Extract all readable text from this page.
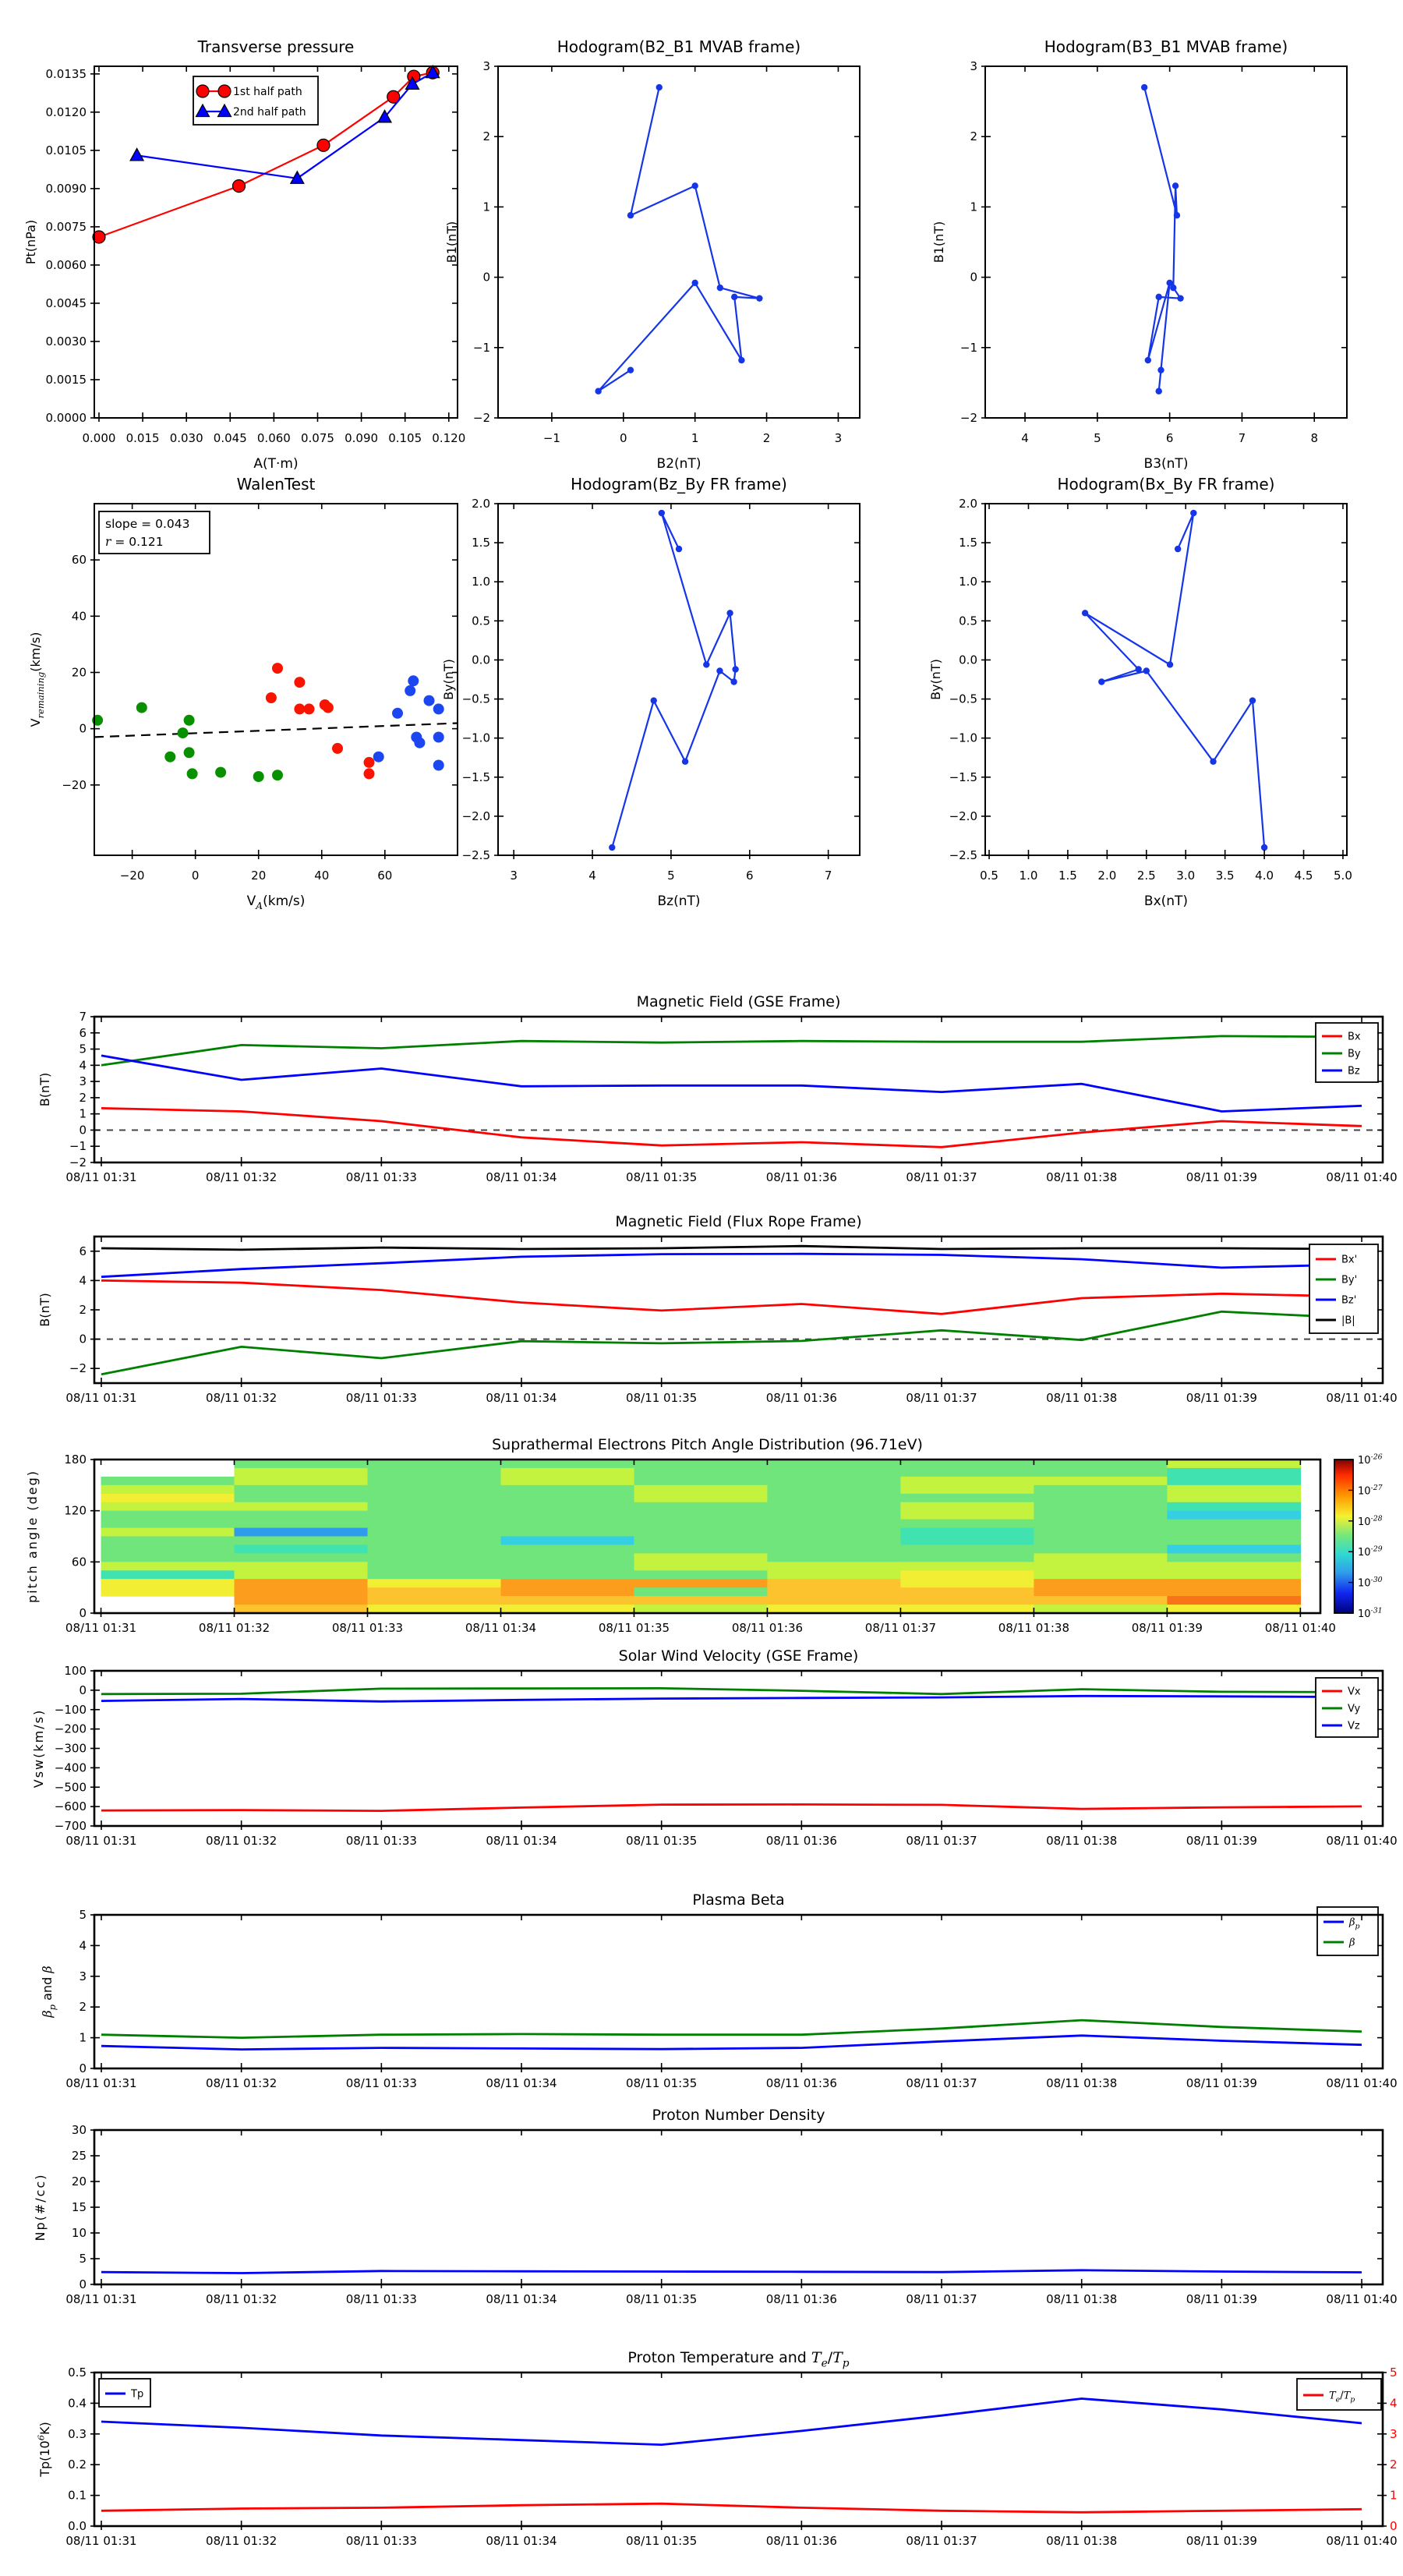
1st half path
2nd half path
0.000 0.015 0.030 0.045 0.060 0.075 0.090 0.105 0.120
0.0000
0.0015
0.0030
0.0045
0.0060
0.0075
0.0090
0.0105
0.0120
0.0135
Transverse pressure
A(T·m)
Pt(nPa)
−1	0	1	2	3
−2
−1
0
1
2
3
Hodogram(B2_B1 MVAB frame)
B2(nT)
B1(nT)
4	5	6	7	8
−2
−1
0
1
2
3
Hodogram(B3_B1 MVAB frame)
B3(nT)
B1(nT)
slope = 0.043
r = 0.121
−20	0	20	40	60
−20
0
20
40
60
WalenTest
$V_A(km/s)$
$V_{remaining}(km/s)$
3	4	5	6	7
−2.5
−2.0
−1.5
−1.0
−0.5
0.0
0.5
1.0
1.5
2.0
Hodogram(Bz_By FR frame)
Bz(nT)
By(nT)
0.5 1.0 1.5 2.0 2.5 3.0 3.5 4.0 4.5 5.0
−2.5
−2.0
−1.5
−1.0
−0.5
0.0
0.5
1.0
1.5
2.0
Hodogram(Bx_By FR frame)
Bx(nT)
By(nT)
Bx
By
Bz
08/11 01:31	08/11 01:32	08/11 01:33	08/11 01:34	08/11 01:35	08/11 01:36	08/11 01:37	08/11 01:38	08/11 01:39	08/11 01:40
−2
−1
0
1
2
3
4
5
6
7
Magnetic Field (GSE Frame)
B(nT)
Bx'
By'
Bz'
|B|
08/11 01:31	08/11 01:32	08/11 01:33	08/11 01:34	08/11 01:35	08/11 01:36	08/11 01:37	08/11 01:38	08/11 01:39	08/11 01:40
−2
0
2
4
6
Magnetic Field (Flux Rope Frame)
B(nT)
08/11 01:31	08/11 01:32	08/11 01:33	08/11 01:34	08/11 01:35	08/11 01:36	08/11 01:37	08/11 01:38	08/11 01:39	08/11 01:40
0
60
120
180
Suprathermal Electrons Pitch Angle Distribution (96.71eV)
pitch angle (deg)
$10^{-26}$
$10^{-27}$
$10^{-28}$
$10^{-29}$
$10^{-30}$
$10^{-31}$
Vx
Vy
Vz
08/11 01:31	08/11 01:32	08/11 01:33	08/11 01:34	08/11 01:35	08/11 01:36	08/11 01:37	08/11 01:38	08/11 01:39	08/11 01:40
100
0
−100
−200
−300
−400
−500
−600
−700
Solar Wind Velocity (GSE Frame)
Vsw(km/s)
$\beta_p$
β
08/11 01:31	08/11 01:32	08/11 01:33	08/11 01:34	08/11 01:35	08/11 01:36	08/11 01:37	08/11 01:38	08/11 01:39	08/11 01:40
0
1
2
3
4
5
Plasma Beta
$\beta_p$ and β
08/11 01:31	08/11 01:32	08/11 01:33	08/11 01:34	08/11 01:35	08/11 01:36	08/11 01:37	08/11 01:38	08/11 01:39	08/11 01:40
0
5
10
15
20
25
30
Proton Number Density
Np(#/cc)
Tp	$T_e/T_p$
08/11 01:31	08/11 01:32	08/11 01:33	08/11 01:34	08/11 01:35	08/11 01:36	08/11 01:37	08/11 01:38	08/11 01:39	08/11 01:40
0.0
0.1
0.2
0.3
0.4
0.5
0
1
2
3
4
5
Proton Temperature and $T_e/T_p$
$Tp(10^6K)$
